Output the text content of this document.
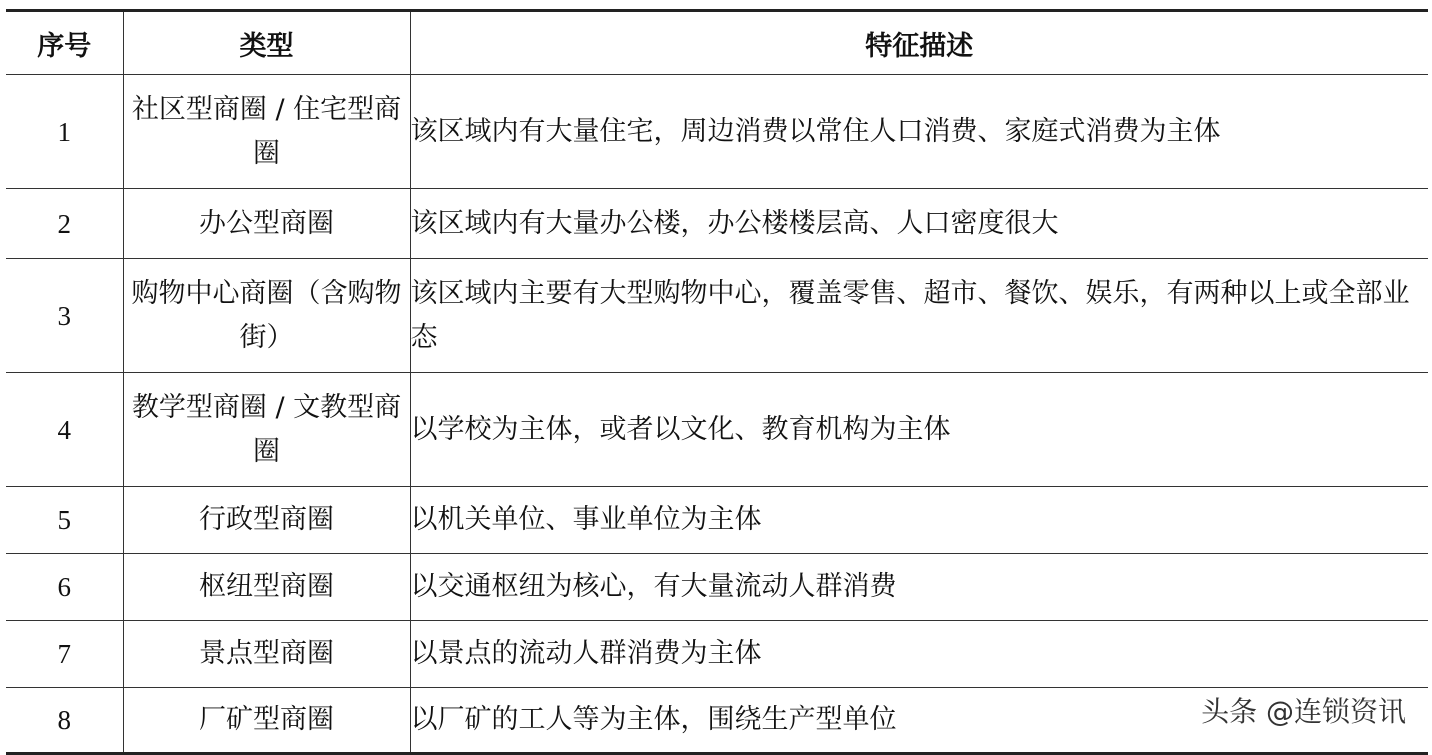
序号	类型	特征描述
1	社区型商圈 / 住宅型商圈	该区域内有大量住宅，周边消费以常住人口消费、家庭式消费为主体
2	办公型商圈	该区域内有大量办公楼，办公楼楼层高、人口密度很大
3	购物中心商圈（含购物街）	该区域内主要有大型购物中心，覆盖零售、超市、餐饮、娱乐，有两种以上或全部业态
4	教学型商圈 / 文教型商圈	以学校为主体，或者以文化、教育机构为主体
5	行政型商圈	以机关单位、事业单位为主体
6	枢纽型商圈	以交通枢纽为核心，有大量流动人群消费
7	景点型商圈	以景点的流动人群消费为主体
8	厂矿型商圈	以厂矿的工人等为主体，围绕生产型单位	头条 @连锁资讯
